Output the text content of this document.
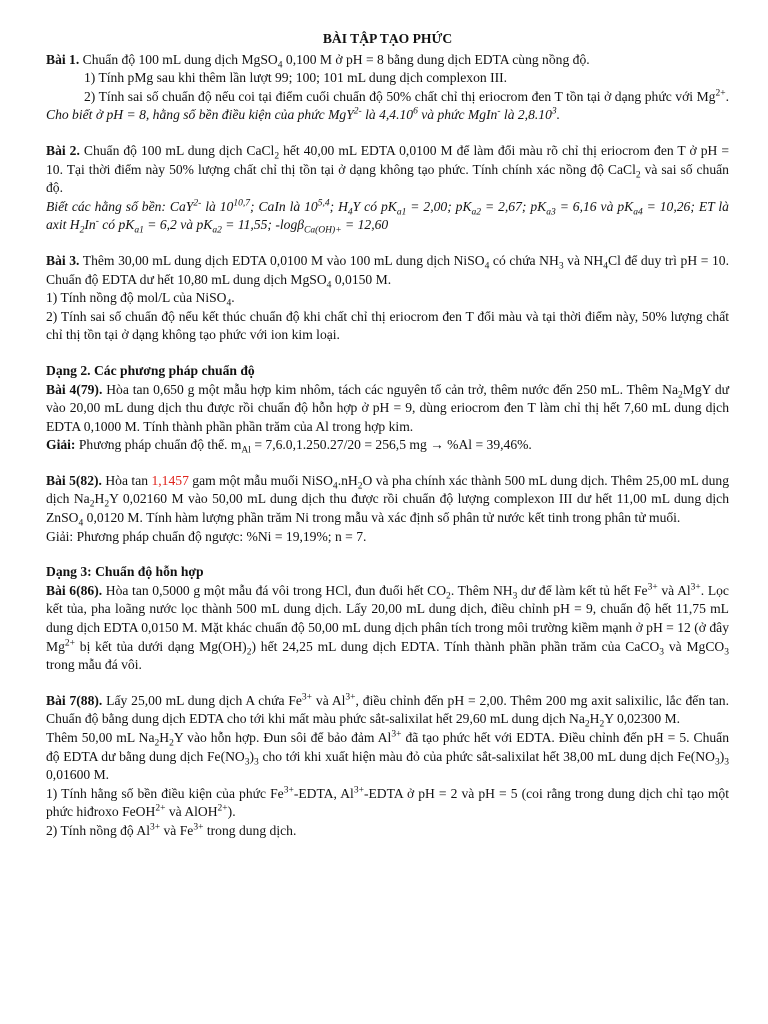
BÀI TẬP TẠO PHỨC

Bài 1. Chuẩn độ 100 mL dung dịch MgSO$_4$ 0,100 M ở pH = 8 bằng dung dịch EDTA cùng nồng độ.

1) Tính pMg sau khi thêm lần lượt 99; 100; 101 mL dung dịch complexon III.

2) Tính sai số chuẩn độ nếu coi tại điểm cuối chuẩn độ 50% chất chỉ thị eriocrom đen T tồn tại ở dạng phức với $Mg^{2+}$. Cho biết ở pH = 8, hằng số bền điều kiện của phức MgY$^{2-}$ là 4,4.10$^6$ và phức MgIn- là 2,8.10$^3$.

Bài 2. Chuẩn độ 100 mL dung dịch CaCl$_2$ hết 40,00 mL EDTA 0,0100 M để làm đổi màu rõ chỉ thị eriocrom đen T ở pH = 10. Tại thời điểm này 50% lượng chất chỉ thị tồn tại ở dạng không tạo phức. Tính chính xác nồng độ CaCl$_2$ và sai số chuẩn độ.

Biết các hằng số bền: CaY$^{2-}$ là 10$^{10,7}$; CaIn là 10$^{5,4}$; $H_4Y$ có $pK_{a1} = 2,00$; $pK_{a2} = 2,67$; $pK_{a3} = 6,16$ và $pK_{a4} = 10,26$; ET là axit $H_2In^-$ có $pK_{a1} = 6,2$ và $pK_{a2} = 11,55$; -logβ$_{Ca(OH)+}$ = 12,60

Bài 3. Thêm 30,00 mL dung dịch EDTA 0,0100 M vào 100 mL dung dịch NiSO$_4$ có chứa $NH_3$ và $NH_4Cl$ để duy trì pH = 10. Chuẩn độ EDTA dư hết 10,80 mL dung dịch MgSO$_4$ 0,0150 M.

1) Tính nồng độ mol/L của NiSO$_4$.

2) Tính sai số chuẩn độ nếu kết thúc chuẩn độ khi chất chỉ thị eriocrom đen T đổi màu và tại thời điểm này, 50% lượng chất chỉ thị tồn tại ở dạng không tạo phức với ion kim loại.

Dạng 2. Các phương pháp chuẩn độ

Bài 4(79). Hòa tan 0,650 g một mẫu hợp kim nhôm, tách các nguyên tố cản trở, thêm nước đến 250 mL. Thêm $Na_2MgY$ dư vào 20,00 mL dung dịch thu được rồi chuẩn độ hỗn hợp ở pH = 9, dùng eriocrom đen T làm chỉ thị hết 7,60 mL dung dịch EDTA 0,1000 M. Tính thành phần phần trăm của Al trong hợp kim.

Giải: Phương pháp chuẩn độ thế. $m_{Al} = 7,6.0,1.250.27/20 = 256,5$ mg → %Al = 39,46%.

Bài 5(82). Hòa tan 1,1457 gam một mẫu muối $NiSO_4.nH_2O$ và pha chính xác thành 500 mL dung dịch. Thêm 25,00 mL dung dịch $Na_2H_2Y$ 0,02160 M vào 50,00 mL dung dịch thu được rồi chuẩn độ lượng complexon III dư hết 11,00 mL dung dịch ZnSO$_4$ 0,0120 M. Tính hàm lượng phần trăm Ni trong mẫu và xác định số phân tử nước kết tinh trong phân tử muối.

Giải: Phương pháp chuẩn độ ngược: %Ni = 19,19%; n = 7.

Dạng 3: Chuẩn độ hỗn hợp

Bài 6(86). Hòa tan 0,5000 g một mẫu đá vôi trong HCl, đun đuổi hết $CO_2$. Thêm $NH_3$ dư để làm kết tủ hết $Fe^{3+}$ và $Al^{3+}$. Lọc kết tủa, pha loãng nước lọc thành 500 mL dung dịch. Lấy 20,00 mL dung dịch, điều chỉnh pH = 9, chuẩn độ hết 11,75 mL dung dịch EDTA 0,0150 M. Mặt khác chuẩn độ 50,00 mL dung dịch phân tích trong môi trường kiềm mạnh ở pH = 12 (ở đây $Mg^{2+}$ bị kết tủa dưới dạng $Mg(OH)_2$) hết 24,25 mL dung dịch EDTA. Tính thành phần phần trăm của CaCO$_3$ và MgCO$_3$ trong mẫu đá vôi.

Bài 7(88). Lấy 25,00 mL dung dịch A chứa $Fe^{3+}$ và $Al^{3+}$, điều chỉnh đến pH = 2,00. Thêm 200 mg axit salixilic, lắc đến tan. Chuẩn độ bằng dung dịch EDTA cho tới khi mất màu phức sắt-salixilat hết 29,60 mL dung dịch $Na_2H_2Y$ 0,02300 M.

Thêm 50,00 mL $Na_2H_2Y$ vào hỗn hợp. Đun sôi để bảo đảm $Al^{3+}$ đã tạo phức hết với EDTA. Điều chỉnh đến pH = 5. Chuẩn độ EDTA dư bằng dung dịch $Fe(NO_3)_3$ cho tới khi xuất hiện màu đỏ của phức sắt-salixilat hết 38,00 mL dung dịch $Fe(NO_3)_3$ 0,01600 M.

1) Tính hằng số bền điều kiện của phức $Fe^{3+}$-EDTA, $Al^{3+}$-EDTA ở pH = 2 và pH = 5 (coi rằng trong dung dịch chỉ tạo một phức hiđroxo FeOH$^{2+}$ và AlOH$^{2+}$).

2) Tính nồng độ $Al^{3+}$ và $Fe^{3+}$ trong dung dịch.
